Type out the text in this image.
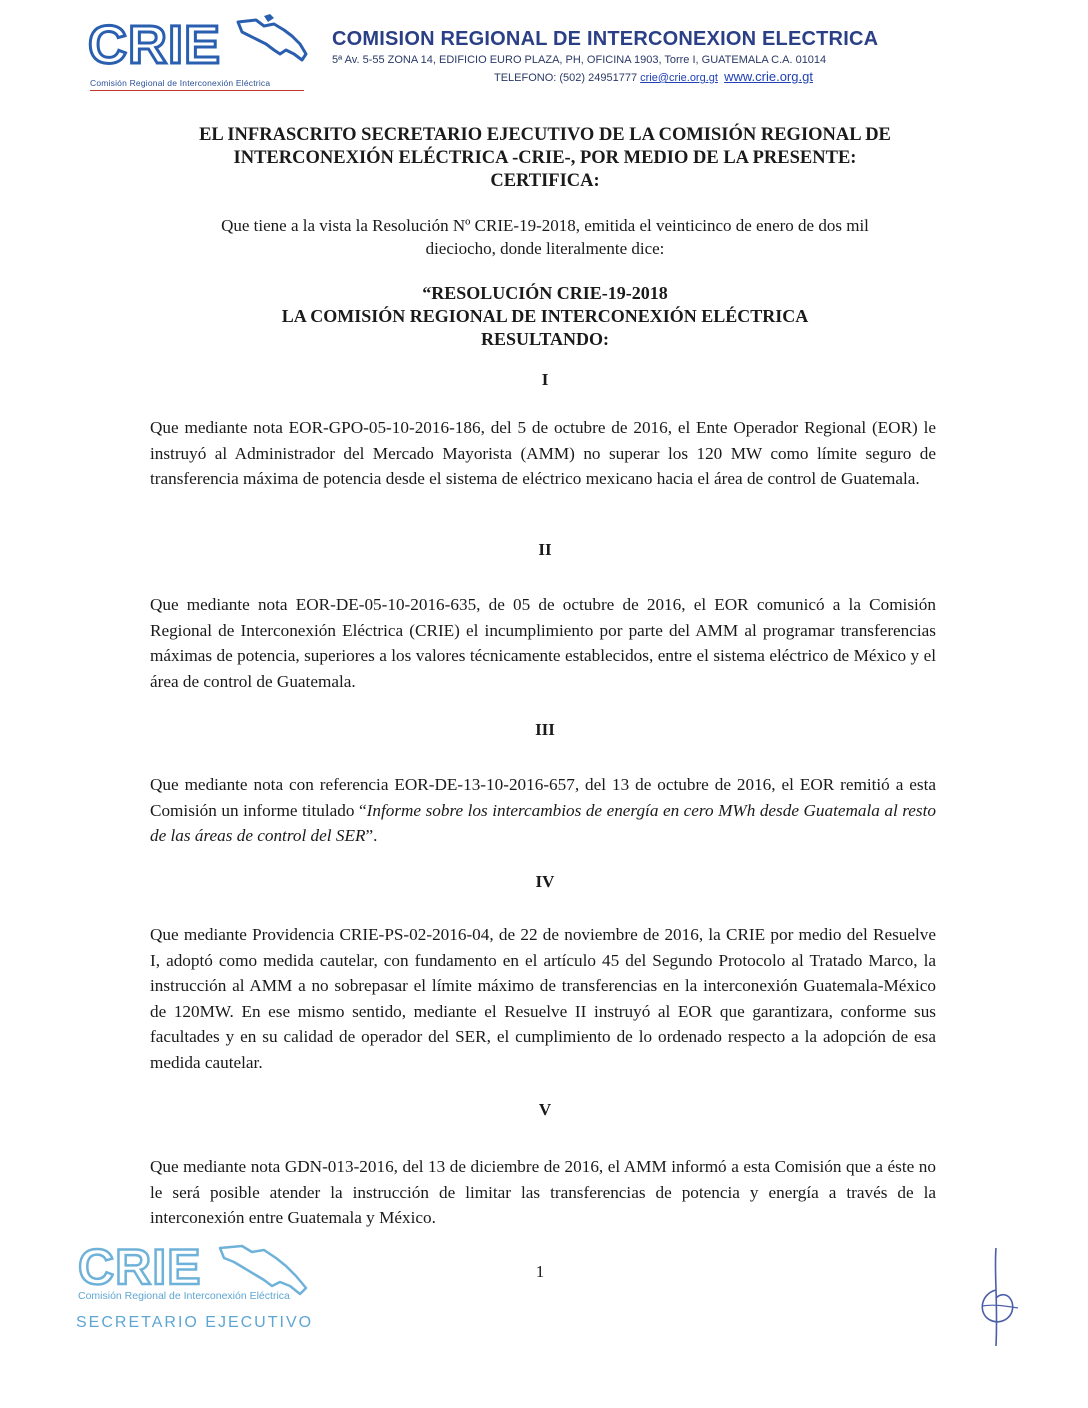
CRIE
Comisión Regional de Interconexión Eléctrica
COMISION REGIONAL DE INTERCONEXION ELECTRICA
5ª Av. 5-55 ZONA 14, EDIFICIO EURO PLAZA, PH, OFICINA 1903, Torre I, GUATEMALA C.A. 01014
TELEFONO: (502) 24951777 crie@crie.org.gt www.crie.org.gt
EL INFRASCRITO SECRETARIO EJECUTIVO DE LA COMISIÓN REGIONAL DE
INTERCONEXIÓN ELÉCTRICA -CRIE-, POR MEDIO DE LA PRESENTE:
CERTIFICA:
Que tiene a la vista la Resolución Nº CRIE-19-2018, emitida el veinticinco de enero de dos mil
dieciocho, donde literalmente dice:
“RESOLUCIÓN CRIE-19-2018
LA COMISIÓN REGIONAL DE INTERCONEXIÓN ELÉCTRICA
RESULTANDO:
I
Que mediante nota EOR-GPO-05-10-2016-186, del 5 de octubre de 2016, el Ente Operador Regional (EOR) le instruyó al Administrador del Mercado Mayorista (AMM) no superar los 120 MW como límite seguro de transferencia máxima de potencia desde el sistema de eléctrico mexicano hacia el área de control de Guatemala.
II
Que mediante nota EOR-DE-05-10-2016-635, de 05 de octubre de 2016, el EOR comunicó a la Comisión Regional de Interconexión Eléctrica (CRIE) el incumplimiento por parte del AMM al programar transferencias máximas de potencia, superiores a los valores técnicamente establecidos, entre el sistema eléctrico de México y el área de control de Guatemala.
III
Que mediante nota con referencia EOR-DE-13-10-2016-657, del 13 de octubre de 2016, el EOR remitió a esta Comisión un informe titulado “Informe sobre los intercambios de energía en cero MWh desde Guatemala al resto de las áreas de control del SER”.
IV
Que mediante Providencia CRIE-PS-02-2016-04, de 22 de noviembre de 2016, la CRIE por medio del Resuelve I, adoptó como medida cautelar, con fundamento en el artículo 45 del Segundo Protocolo al Tratado Marco, la instrucción al AMM a no sobrepasar el límite máximo de transferencias en la interconexión Guatemala-México de 120MW. En ese mismo sentido, mediante el Resuelve II instruyó al EOR que garantizara, conforme sus facultades y en su calidad de operador del SER, el cumplimiento de lo ordenado respecto a la adopción de esa medida cautelar.
V
Que mediante nota GDN-013-2016, del 13 de diciembre de 2016, el AMM informó a esta Comisión que a éste no le será posible atender la instrucción de limitar las transferencias de potencia y energía a través de la interconexión entre Guatemala y México.
CRIE
Comisión Regional de Interconexión Eléctrica
SECRETARIO EJECUTIVO
1
